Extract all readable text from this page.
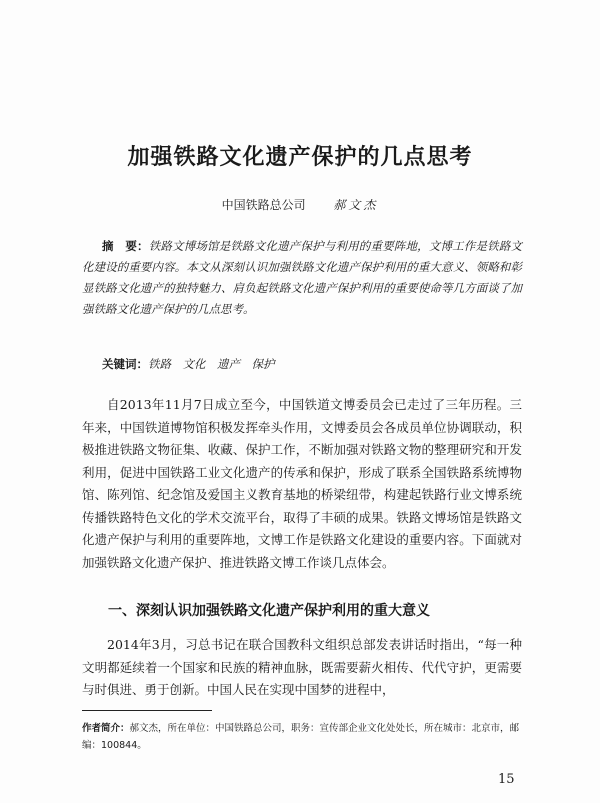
加强铁路文化遗产保护的几点思考
中国铁路总公司 郝文杰
摘　要：铁路文博场馆是铁路文化遗产保护与利用的重要阵地，文博工作是铁路文化建设的重要内容。本文从深刻认识加强铁路文化遗产保护利用的重大意义、领略和彰显铁路文化遗产的独特魅力、肩负起铁路文化遗产保护利用的重要使命等几方面谈了加强铁路文化遗产保护的几点思考。
关键词：铁路　文化　遗产　保护
自2013年11月7日成立至今，中国铁道文博委员会已走过了三年历程。三年来，中国铁道博物馆积极发挥牵头作用，文博委员会各成员单位协调联动，积极推进铁路文物征集、收藏、保护工作，不断加强对铁路文物的整理研究和开发利用，促进中国铁路工业文化遗产的传承和保护，形成了联系全国铁路系统博物馆、陈列馆、纪念馆及爱国主义教育基地的桥梁纽带，构建起铁路行业文博系统传播铁路特色文化的学术交流平台，取得了丰硕的成果。铁路文博场馆是铁路文化遗产保护与利用的重要阵地，文博工作是铁路文化建设的重要内容。下面就对加强铁路文化遗产保护、推进铁路文博工作谈几点体会。
一、深刻认识加强铁路文化遗产保护利用的重大意义
2014年3月，习总书记在联合国教科文组织总部发表讲话时指出，“每一种文明都延续着一个国家和民族的精神血脉，既需要薪火相传、代代守护，更需要与时俱进、勇于创新。中国人民在实现中国梦的进程中，
作者简介：郝文杰，所在单位：中国铁路总公司，职务：宣传部企业文化处处长，所在城市：北京市，邮编：100844。
15
